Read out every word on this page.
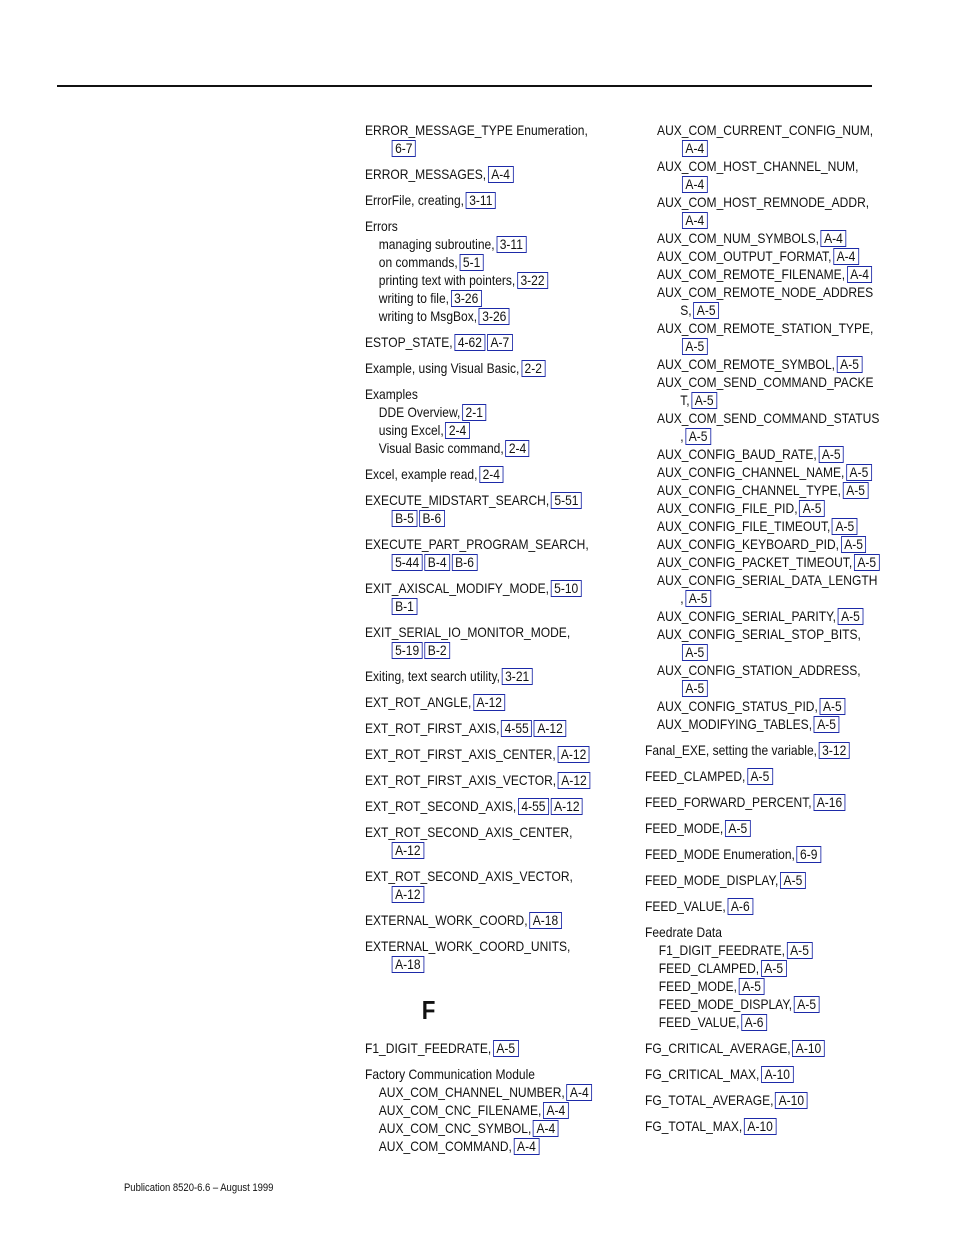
ERROR_MESSAGE_TYPE Enumeration,
6-7
ERROR_MESSAGES, A-4
ErrorFile, creating, 3-11
Errors
managing subroutine, 3-11
on commands, 5-1
printing text with pointers, 3-22
writing to file, 3-26
writing to MsgBox, 3-26
ESTOP_STATE, 4-62 A-7
Example, using Visual Basic, 2-2
Examples
DDE Overview, 2-1
using Excel, 2-4
Visual Basic command, 2-4
Excel, example read, 2-4
EXECUTE_MIDSTART_SEARCH, 5-51
B-5 B-6
EXECUTE_PART_PROGRAM_SEARCH,
5-44 B-4 B-6
EXIT_AXISCAL_MODIFY_MODE, 5-10
B-1
EXIT_SERIAL_IO_MONITOR_MODE,
5-19 B-2
Exiting, text search utility, 3-21
EXT_ROT_ANGLE, A-12
EXT_ROT_FIRST_AXIS, 4-55 A-12
EXT_ROT_FIRST_AXIS_CENTER, A-12
EXT_ROT_FIRST_AXIS_VECTOR, A-12
EXT_ROT_SECOND_AXIS, 4-55 A-12
EXT_ROT_SECOND_AXIS_CENTER,
A-12
EXT_ROT_SECOND_AXIS_VECTOR,
A-12
EXTERNAL_WORK_COORD, A-18
EXTERNAL_WORK_COORD_UNITS,
A-18
F
F1_DIGIT_FEEDRATE, A-5
Factory Communication Module
AUX_COM_CHANNEL_NUMBER, A-4
AUX_COM_CNC_FILENAME, A-4
AUX_COM_CNC_SYMBOL, A-4
AUX_COM_COMMAND, A-4
AUX_COM_CURRENT_CONFIG_NUM,
A-4
AUX_COM_HOST_CHANNEL_NUM,
A-4
AUX_COM_HOST_REMNODE_ADDR,
A-4
AUX_COM_NUM_SYMBOLS, A-4AUX_COM_OUTPUT_FORMAT, A-4AUX_COM_REMOTE_FILENAME, A-4AUX_COM_REMOTE_NODE_ADDRES
S, A-5
AUX_COM_REMOTE_STATION_TYPE,
A-5
AUX_COM_REMOTE_SYMBOL, A-5AUX_COM_SEND_COMMAND_PACKE
T, A-5
AUX_COM_SEND_COMMAND_STATUS
, A-5
AUX_CONFIG_BAUD_RATE, A-5AUX_CONFIG_CHANNEL_NAME, A-5AUX_CONFIG_CHANNEL_TYPE, A-5AUX_CONFIG_FILE_PID, A-5AUX_CONFIG_FILE_TIMEOUT, A-5AUX_CONFIG_KEYBOARD_PID, A-5AUX_CONFIG_PACKET_TIMEOUT, A-5AUX_CONFIG_SERIAL_DATA_LENGTH
, A-5
AUX_CONFIG_SERIAL_PARITY, A-5AUX_CONFIG_SERIAL_STOP_BITS,
A-5
AUX_CONFIG_STATION_ADDRESS,
A-5
AUX_CONFIG_STATUS_PID, A-5AUX_MODIFYING_TABLES, A-5
Fanal_EXE, setting the variable, 3-12
FEED_CLAMPED, A-5
FEED_FORWARD_PERCENT, A-16
FEED_MODE, A-5
FEED_MODE Enumeration, 6-9
FEED_MODE_DISPLAY, A-5
FEED_VALUE, A-6
Feedrate Data
F1_DIGIT_FEEDRATE, A-5
FEED_CLAMPED, A-5
FEED_MODE, A-5
FEED_MODE_DISPLAY, A-5
FEED_VALUE, A-6
FG_CRITICAL_AVERAGE, A-10
FG_CRITICAL_MAX, A-10
FG_TOTAL_AVERAGE, A-10
FG_TOTAL_MAX, A-10
Publication 8520-6.6 – August 1999
